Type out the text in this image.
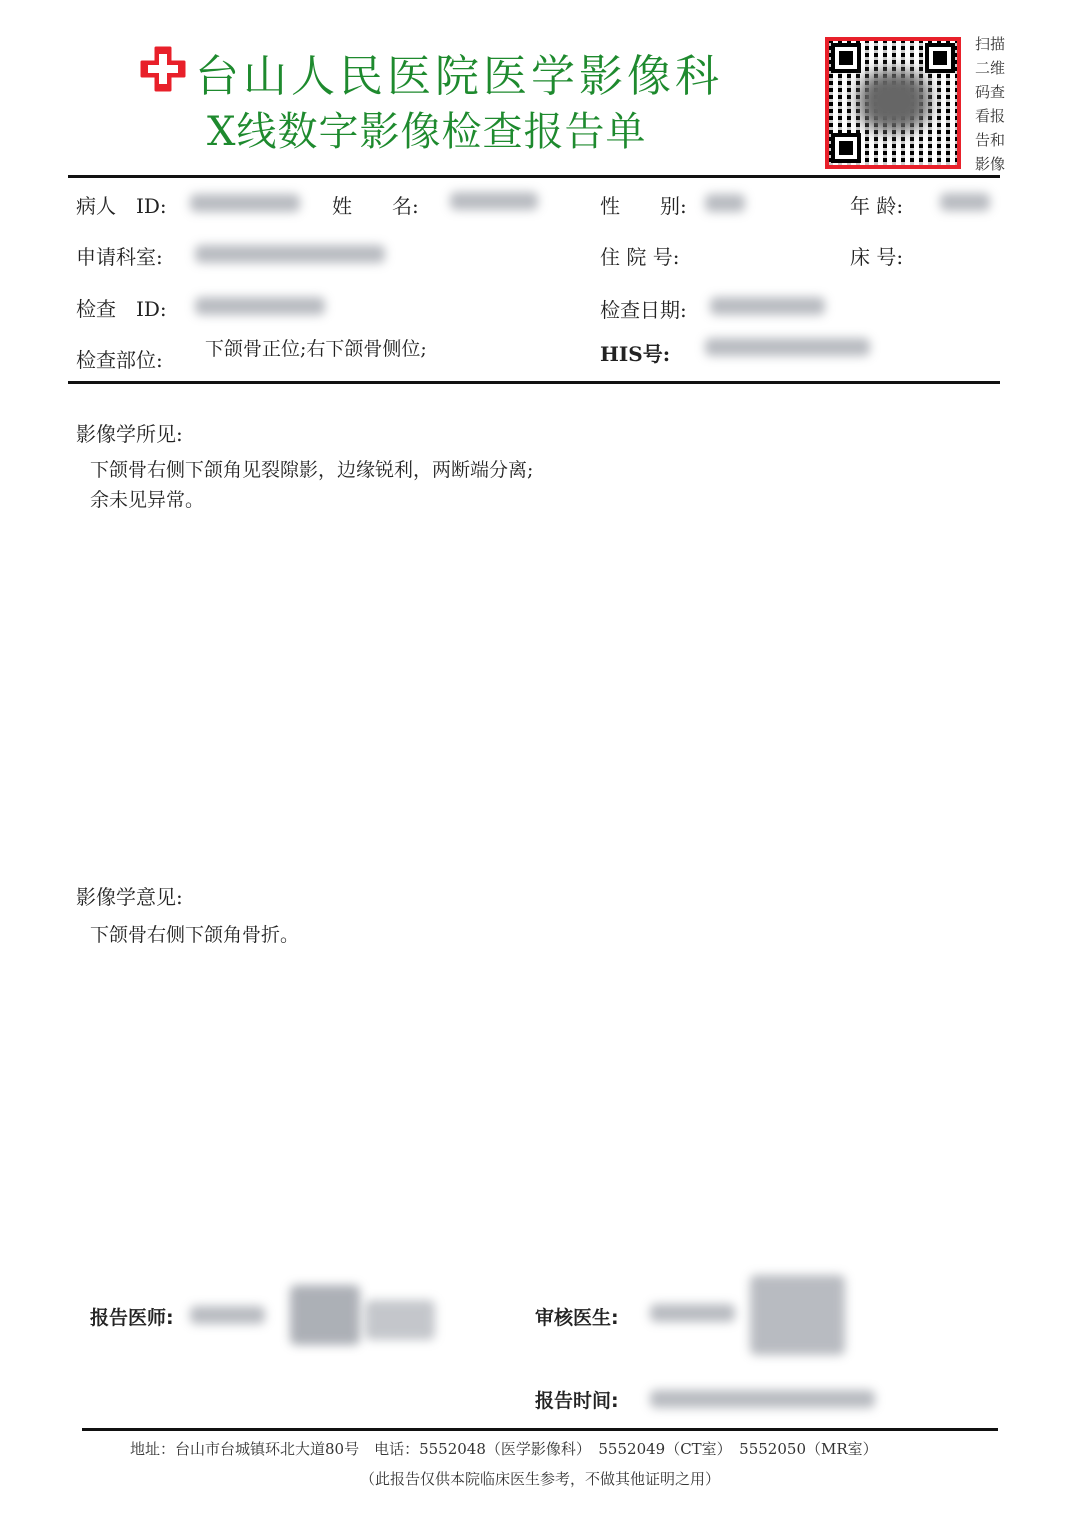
台山人民医院医学影像科
X线数字影像检查报告单
扫描
二维
码查
看报
告和
影像
病人　ID:	姓　　名:	性　　别:	年 龄:
申请科室:	住 院 号:	床 号:
检查　ID:	检查日期:
检查部位: 下颌骨正位;右下颌骨侧位;	HIS号:
影像学所见:
下颌骨右侧下颌角见裂隙影，边缘锐利，两断端分离;
余未见异常。
影像学意见:
下颌骨右侧下颌角骨折。
报告医师:	审核医生:
报告时间:
地址：台山市台城镇环北大道80号　电话：5552048（医学影像科）　5552049（CT室）　5552050（MR室）
（此报告仅供本院临床医生参考，不做其他证明之用）
